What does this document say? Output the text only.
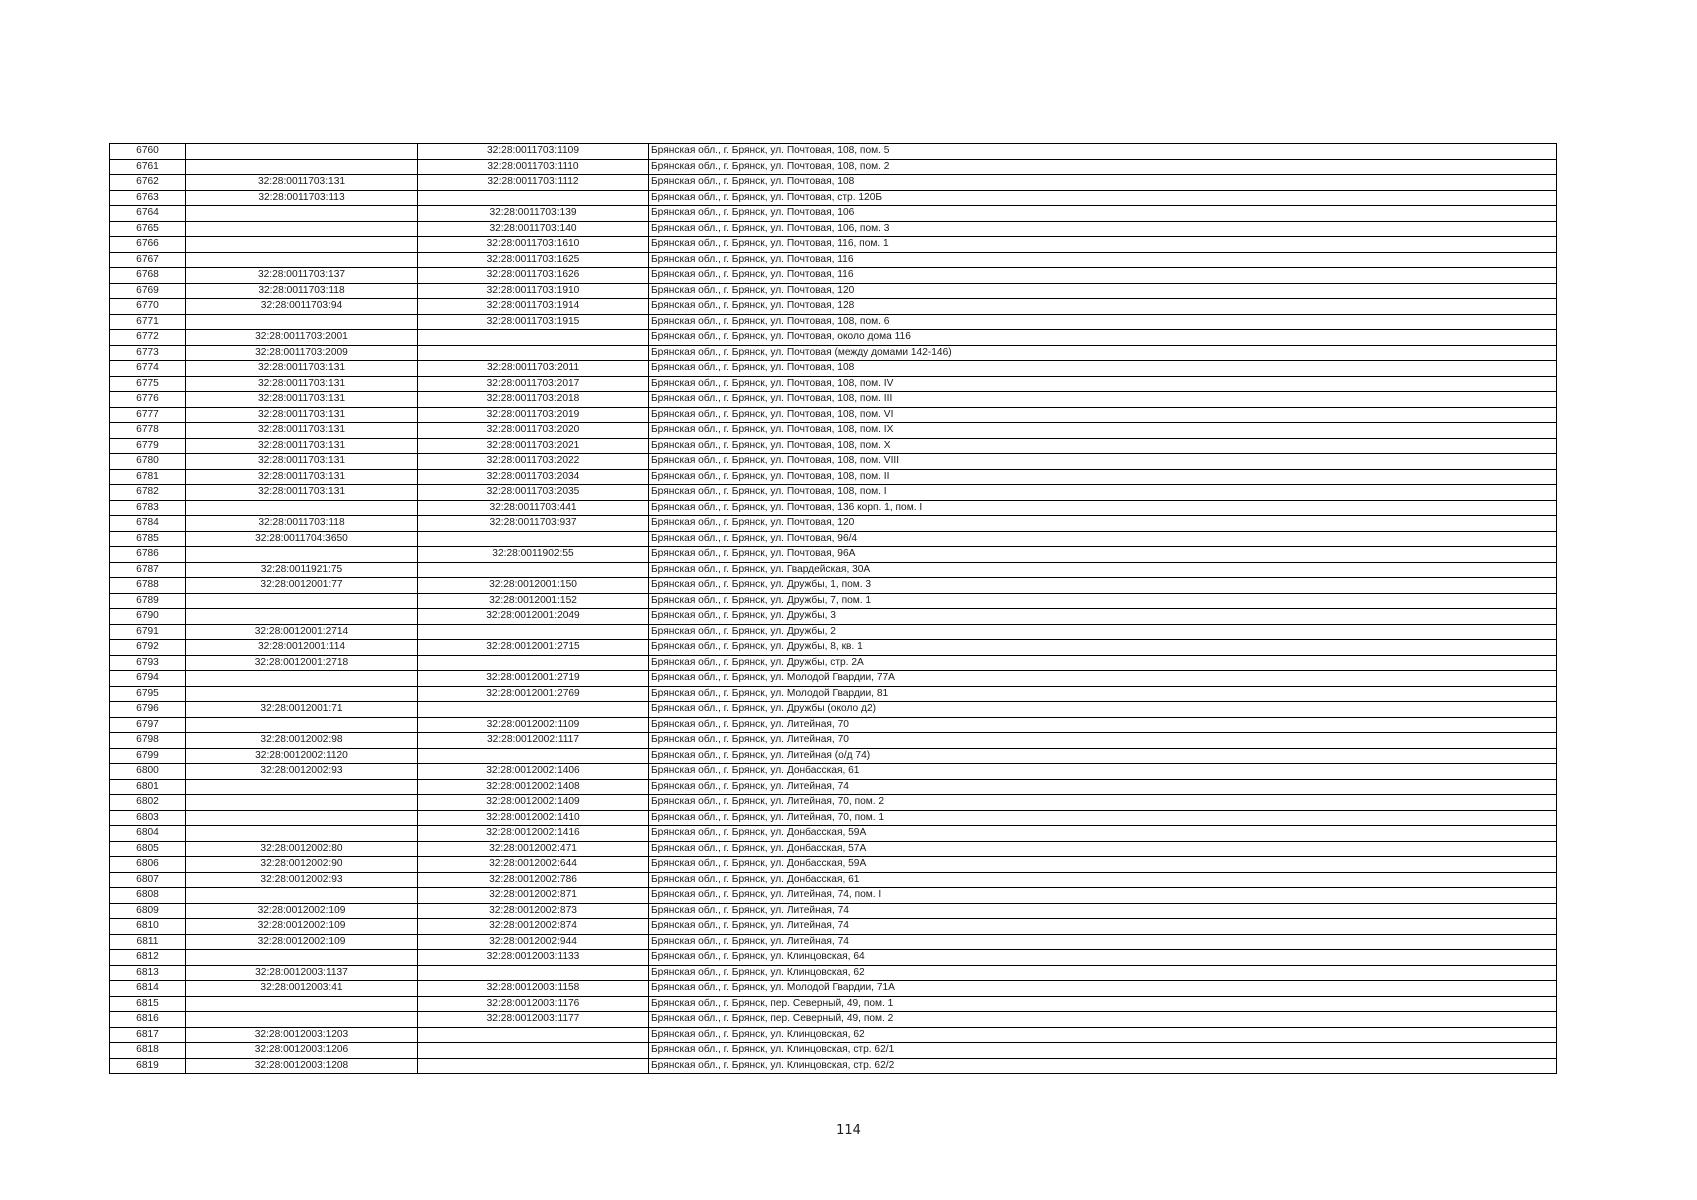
6760		32:28:0011703:1109	Брянская обл., г. Брянск, ул. Почтовая, 108, пом. 5
6761		32:28:0011703:1110	Брянская обл., г. Брянск, ул. Почтовая, 108, пом. 2
6762	32:28:0011703:131	32:28:0011703:1112	Брянская обл., г. Брянск, ул. Почтовая, 108
6763	32:28:0011703:113		Брянская обл., г. Брянск, ул. Почтовая, стр. 120Б
6764		32:28:0011703:139	Брянская обл., г. Брянск, ул. Почтовая, 106
6765		32:28:0011703:140	Брянская обл., г. Брянск, ул. Почтовая, 106, пом. 3
6766		32:28:0011703:1610	Брянская обл., г. Брянск, ул. Почтовая, 116, пом. 1
6767		32:28:0011703:1625	Брянская обл., г. Брянск, ул. Почтовая, 116
6768	32:28:0011703:137	32:28:0011703:1626	Брянская обл., г. Брянск, ул. Почтовая, 116
6769	32:28:0011703:118	32:28:0011703:1910	Брянская обл., г. Брянск, ул. Почтовая, 120
6770	32:28:0011703:94	32:28:0011703:1914	Брянская обл., г. Брянск, ул. Почтовая, 128
6771		32:28:0011703:1915	Брянская обл., г. Брянск, ул. Почтовая, 108, пом. 6
6772	32:28:0011703:2001		Брянская обл., г. Брянск, ул. Почтовая, около дома 116
6773	32:28:0011703:2009		Брянская обл., г. Брянск, ул. Почтовая (между домами 142-146)
6774	32:28:0011703:131	32:28:0011703:2011	Брянская обл., г. Брянск, ул. Почтовая, 108
6775	32:28:0011703:131	32:28:0011703:2017	Брянская обл., г. Брянск, ул. Почтовая, 108, пом. IV
6776	32:28:0011703:131	32:28:0011703:2018	Брянская обл., г. Брянск, ул. Почтовая, 108, пом. III
6777	32:28:0011703:131	32:28:0011703:2019	Брянская обл., г. Брянск, ул. Почтовая, 108, пом. VI
6778	32:28:0011703:131	32:28:0011703:2020	Брянская обл., г. Брянск, ул. Почтовая, 108, пом. IX
6779	32:28:0011703:131	32:28:0011703:2021	Брянская обл., г. Брянск, ул. Почтовая, 108, пом. X
6780	32:28:0011703:131	32:28:0011703:2022	Брянская обл., г. Брянск, ул. Почтовая, 108, пом. VIII
6781	32:28:0011703:131	32:28:0011703:2034	Брянская обл., г. Брянск, ул. Почтовая, 108, пом. II
6782	32:28:0011703:131	32:28:0011703:2035	Брянская обл., г. Брянск, ул. Почтовая, 108, пом. I
6783		32:28:0011703:441	Брянская обл., г. Брянск, ул. Почтовая, 136 корп. 1, пом. I
6784	32:28:0011703:118	32:28:0011703:937	Брянская обл., г. Брянск, ул. Почтовая, 120
6785	32:28:0011704:3650		Брянская обл., г. Брянск, ул. Почтовая, 96/4
6786		32:28:0011902:55	Брянская обл., г. Брянск, ул. Почтовая, 96А
6787	32:28:0011921:75		Брянская обл., г. Брянск, ул. Гвардейская, 30А
6788	32:28:0012001:77	32:28:0012001:150	Брянская обл., г. Брянск, ул. Дружбы, 1, пом. 3
6789		32:28:0012001:152	Брянская обл., г. Брянск, ул. Дружбы, 7, пом. 1
6790		32:28:0012001:2049	Брянская обл., г. Брянск, ул. Дружбы, 3
6791	32:28:0012001:2714		Брянская обл., г. Брянск, ул. Дружбы, 2
6792	32:28:0012001:114	32:28:0012001:2715	Брянская обл., г. Брянск, ул. Дружбы, 8, кв. 1
6793	32:28:0012001:2718		Брянская обл., г. Брянск, ул. Дружбы, стр. 2А
6794		32:28:0012001:2719	Брянская обл., г. Брянск, ул. Молодой Гвардии, 77А
6795		32:28:0012001:2769	Брянская обл., г. Брянск, ул. Молодой Гвардии, 81
6796	32:28:0012001:71		Брянская обл., г. Брянск, ул. Дружбы (около д2)
6797		32:28:0012002:1109	Брянская обл., г. Брянск, ул. Литейная, 70
6798	32:28:0012002:98	32:28:0012002:1117	Брянская обл., г. Брянск, ул. Литейная, 70
6799	32:28:0012002:1120		Брянская обл., г. Брянск, ул. Литейная (о/д 74)
6800	32:28:0012002:93	32:28:0012002:1406	Брянская обл., г. Брянск, ул. Донбасская, 61
6801		32:28:0012002:1408	Брянская обл., г. Брянск, ул. Литейная, 74
6802		32:28:0012002:1409	Брянская обл., г. Брянск, ул. Литейная, 70, пом. 2
6803		32:28:0012002:1410	Брянская обл., г. Брянск, ул. Литейная, 70, пом. 1
6804		32:28:0012002:1416	Брянская обл., г. Брянск, ул. Донбасская, 59А
6805	32:28:0012002:80	32:28:0012002:471	Брянская обл., г. Брянск, ул. Донбасская, 57А
6806	32:28:0012002:90	32:28:0012002:644	Брянская обл., г. Брянск, ул. Донбасская, 59А
6807	32:28:0012002:93	32:28:0012002:786	Брянская обл., г. Брянск, ул. Донбасская, 61
6808		32:28:0012002:871	Брянская обл., г. Брянск, ул. Литейная, 74, пом. I
6809	32:28:0012002:109	32:28:0012002:873	Брянская обл., г. Брянск, ул. Литейная, 74
6810	32:28:0012002:109	32:28:0012002:874	Брянская обл., г. Брянск, ул. Литейная, 74
6811	32:28:0012002:109	32:28:0012002:944	Брянская обл., г. Брянск, ул. Литейная, 74
6812		32:28:0012003:1133	Брянская обл., г. Брянск, ул. Клинцовская, 64
6813	32:28:0012003:1137		Брянская обл., г. Брянск, ул. Клинцовская, 62
6814	32:28:0012003:41	32:28:0012003:1158	Брянская обл., г. Брянск, ул. Молодой Гвардии, 71А
6815		32:28:0012003:1176	Брянская обл., г. Брянск, пер. Северный, 49, пом. 1
6816		32:28:0012003:1177	Брянская обл., г. Брянск, пер. Северный, 49, пом. 2
6817	32:28:0012003:1203		Брянская обл., г. Брянск, ул. Клинцовская, 62
6818	32:28:0012003:1206		Брянская обл., г. Брянск, ул. Клинцовская, стр. 62/1
6819	32:28:0012003:1208		Брянская обл., г. Брянск, ул. Клинцовская, стр. 62/2
114
